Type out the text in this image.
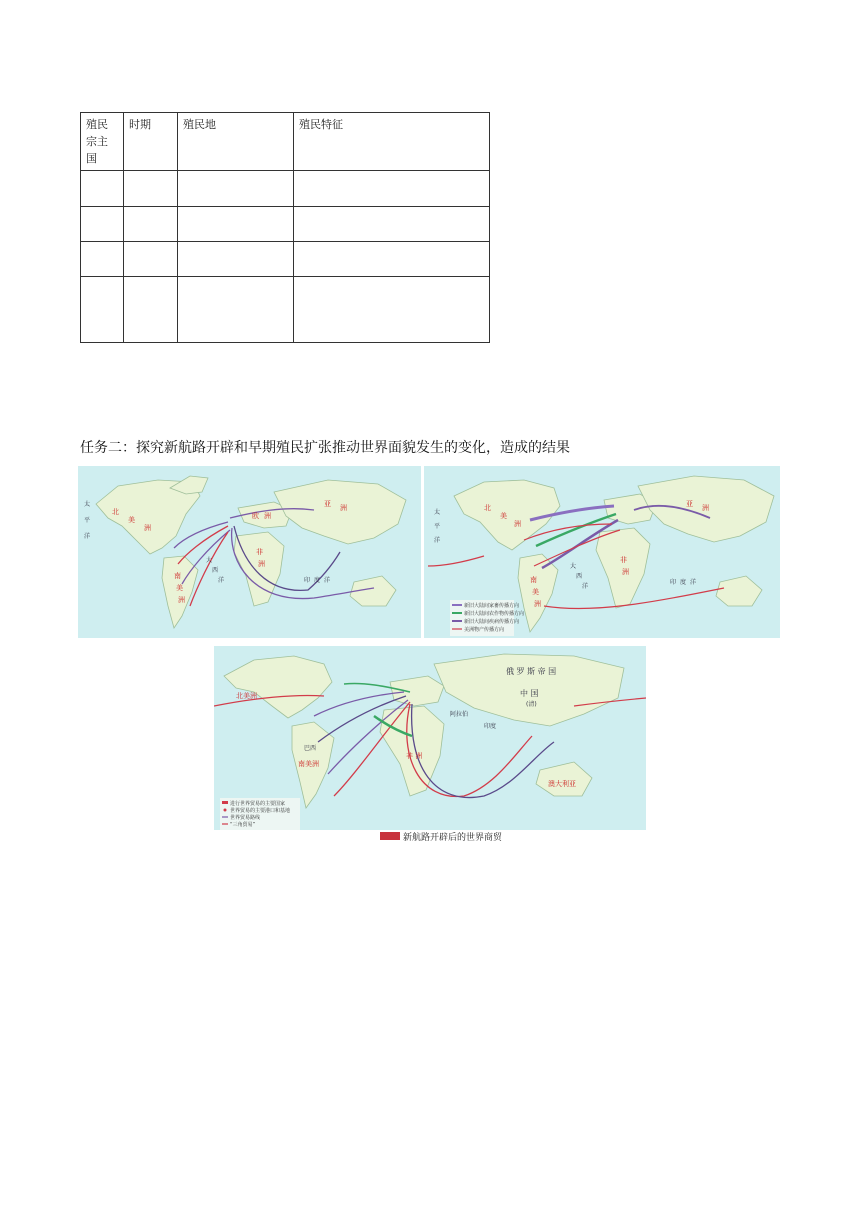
殖民宗主国	时期	殖民地	殖民特征

任务二：探究新航路开辟和早期殖民扩张推动世界面貌发生的变化，造成的结果
北
美
洲
南
美
洲
非
洲
亚 洲
欧 洲
太
平
洋
大
西
洋	印 度 洋
北
美
洲
南
美
洲
非
洲
亚 洲
太
平
洋
大
西
洋
印 度 洋
新旧大陆间家畜传播方向
新旧大陆间农作物传播方向
新旧大陆间疾病传播方向
美洲物产传播方向
北美洲
南美洲
俄 罗 斯 帝 国
中 国
(清)
非 洲
澳大利亚
印度
巴西
阿拉伯
进行世界贸易的主要国家
世界贸易的主要港口和基地
世界贸易路线
“三角贸易”
新航路开辟后的世界商贸
